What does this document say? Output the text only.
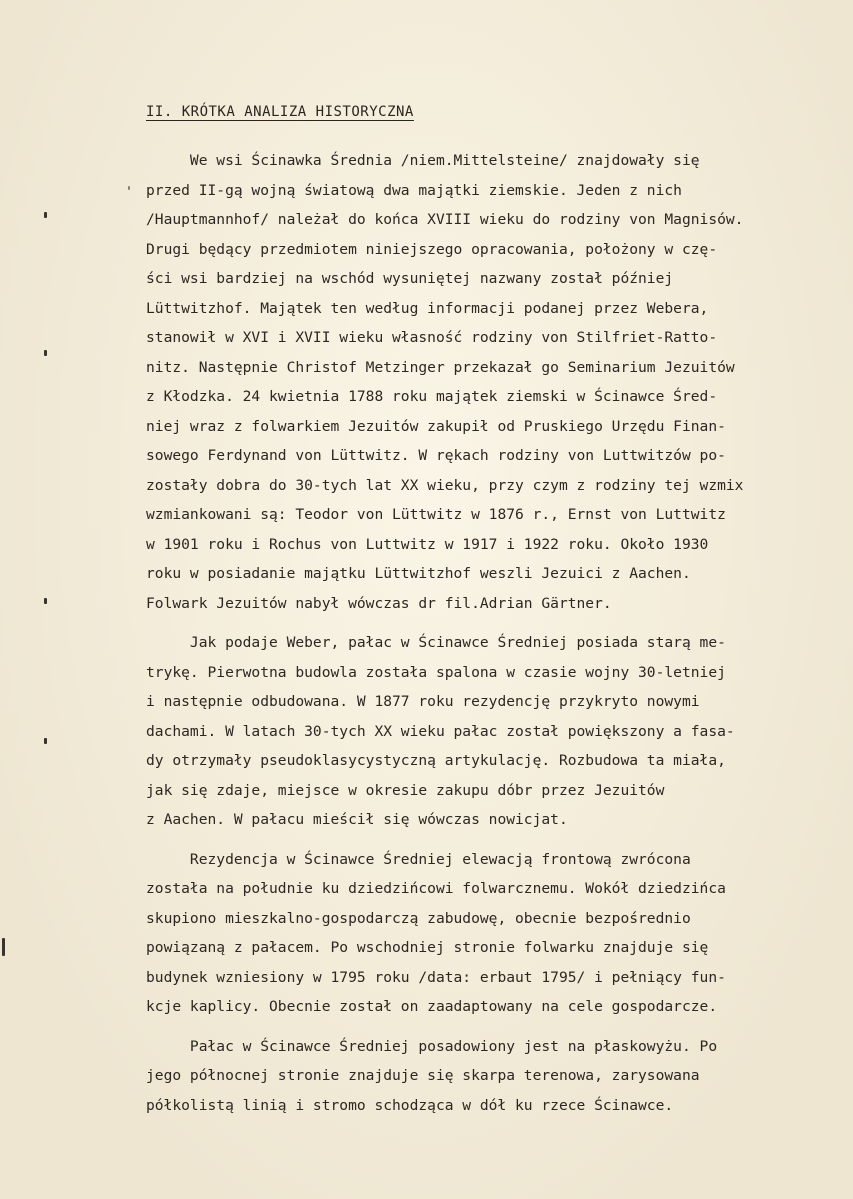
II. KRÓTKA ANALIZA HISTORYCZNA
We wsi Ścinawka Średnia /niem.Mittelsteine/ znajdowały się
przed II-gą wojną światową dwa majątki ziemskie. Jeden z nich
/Hauptmannhof/ należał do końca XVIII wieku do rodziny von Magnisów.
Drugi będący przedmiotem niniejszego opracowania, położony w czę-
ści wsi bardziej na wschód wysuniętej nazwany został później
Lüttwitzhof. Majątek ten według informacji podanej przez Webera,
stanowił w XVI i XVII wieku własność rodziny von Stilfriet-Ratto-
nitz. Następnie Christof Metzinger przekazał go Seminarium Jezuitów
z Kłodzka. 24 kwietnia 1788 roku majątek ziemski w Ścinawce Śred-
niej wraz z folwarkiem Jezuitów zakupił od Pruskiego Urzędu Finan-
sowego Ferdynand von Lüttwitz. W rękach rodziny von Luttwitzów po-
zostały dobra do 30-tych lat XX wieku, przy czym z rodziny tej wzmix
wzmiankowani są: Teodor von Lüttwitz w 1876 r., Ernst von Luttwitz
w 1901 roku i Rochus von Luttwitz w 1917 i 1922 roku. Około 1930
roku w posiadanie majątku Lüttwitzhof weszli Jezuici z Aachen.
Folwark Jezuitów nabył wówczas dr fil.Adrian Gärtner.
Jak podaje Weber, pałac w Ścinawce Średniej posiada starą me-
trykę. Pierwotna budowla została spalona w czasie wojny 30-letniej
i następnie odbudowana. W 1877 roku rezydencję przykryto nowymi
dachami. W latach 30-tych XX wieku pałac został powiększony a fasa-
dy otrzymały pseudoklasycystyczną artykulację. Rozbudowa ta miała,
jak się zdaje, miejsce w okresie zakupu dóbr przez Jezuitów
z Aachen. W pałacu mieścił się wówczas nowicjat.
Rezydencja w Ścinawce Średniej elewacją frontową zwrócona
została na południe ku dziedzińcowi folwarcznemu. Wokół dziedzińca
skupiono mieszkalno-gospodarczą zabudowę, obecnie bezpośrednio
powiązaną z pałacem. Po wschodniej stronie folwarku znajduje się
budynek wzniesiony w 1795 roku /data: erbaut 1795/ i pełniący fun-
kcje kaplicy. Obecnie został on zaadaptowany na cele gospodarcze.
Pałac w Ścinawce Średniej posadowiony jest na płaskowyżu. Po
jego północnej stronie znajduje się skarpa terenowa, zarysowana
półkolistą linią i stromo schodząca w dół ku rzece Ścinawce.
